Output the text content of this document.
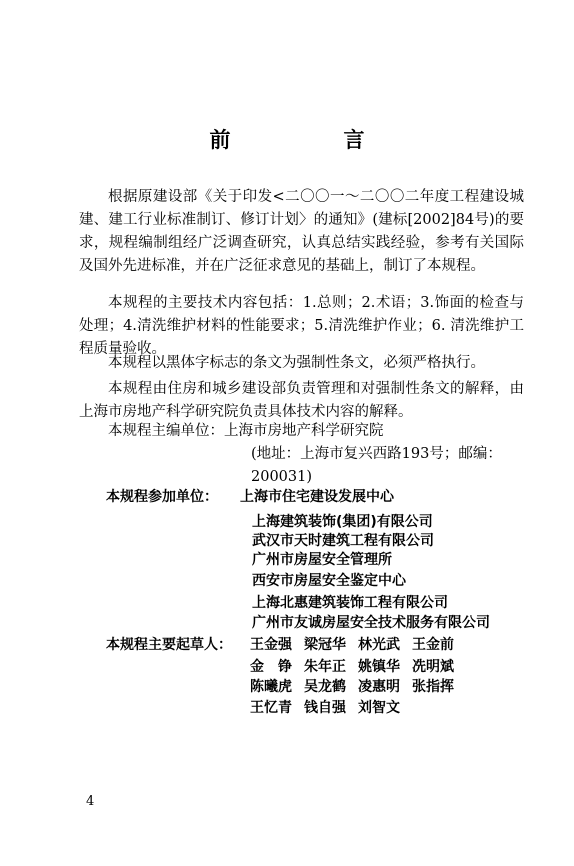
前　言

根据原建设部《关于印发<二〇〇一～二〇〇二年度工程建设城建、建工行业标准制订、修订计划〉的通知》(建标[2002]84号)的要求，规程编制组经广泛调查研究，认真总结实践经验，参考有关国际及国外先进标准，并在广泛征求意见的基础上，制订了本规程。

本规程的主要技术内容包括：1.总则；2.术语；3.饰面的检查与处理；4.清洗维护材料的性能要求；5.清洗维护作业；6. 清洗维护工程质量验收。

本规程以黑体字标志的条文为强制性条文，必须严格执行。

本规程由住房和城乡建设部负责管理和对强制性条文的解释，由上海市房地产科学研究院负责具体技术内容的解释。

本规程主编单位：上海市房地产科学研究院

(地址：上海市复兴西路193号；邮编： 200031)
本规程参加单位： 上海市住宅建设发展中心
上海建筑装饰(集团)有限公司
武汉市天时建筑工程有限公司
广州市房屋安全管理所
西安市房屋安全鉴定中心
上海北惠建筑装饰工程有限公司
广州市友诚房屋安全技术服务有限公司
本规程主要起草人： 王金强 梁冠华 林光武 王金前
金　铮 朱年正 姚镇华 冼明斌
陈曦虎 吴龙鹤 凌惠明 张指挥
王忆青 钱自强 刘智文
4
